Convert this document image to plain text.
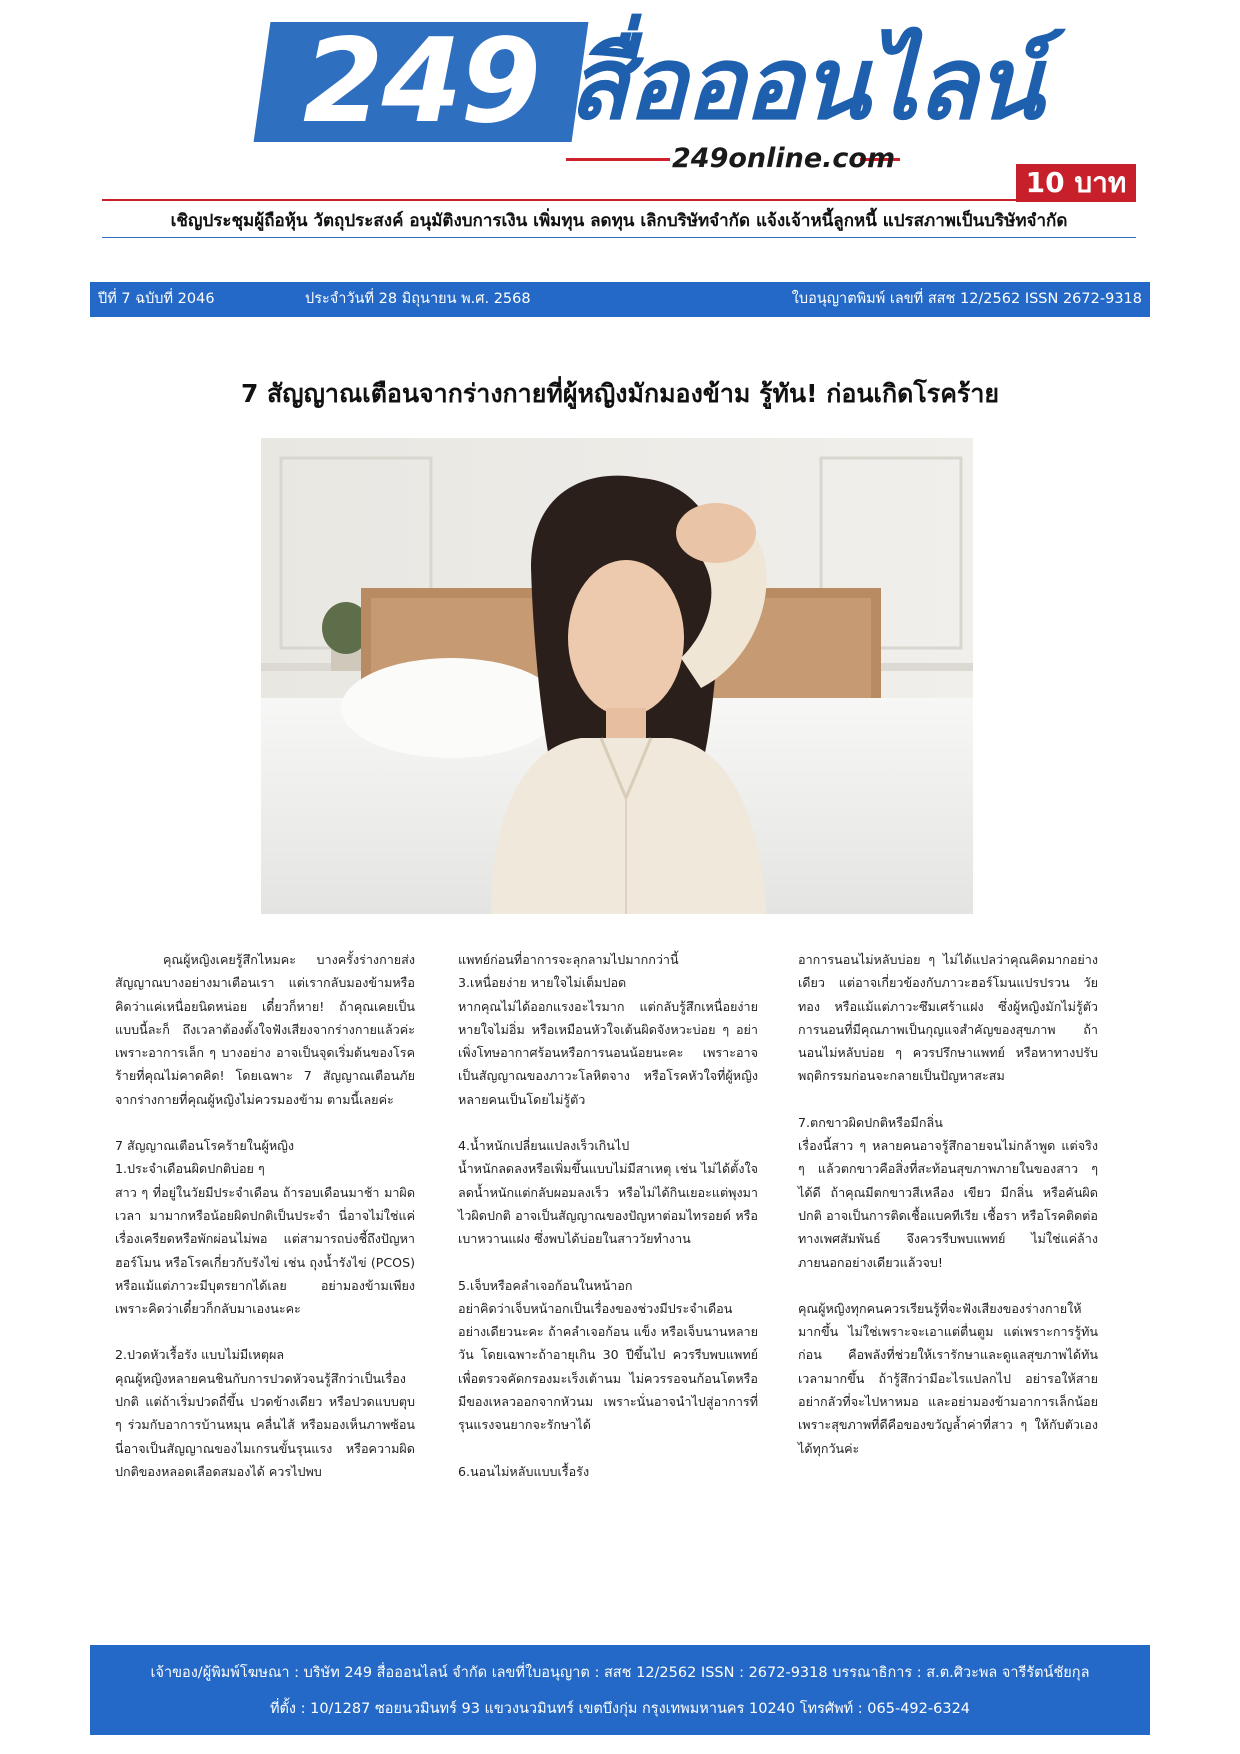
249 สื่อออนไลน์
249online.com
10 บาท
เชิญประชุมผู้ถือหุ้น วัตถุประสงค์ อนุมัติงบการเงิน เพิ่มทุน ลดทุน เลิกบริษัทจำกัด แจ้งเจ้าหนี้ลูกหนี้ แปรสภาพเป็นบริษัทจำกัด
ปีที่ 7 ฉบับที่ 2046	ประจำวันที่ 28 มิถุนายน พ.ศ. 2568	ใบอนุญาตพิมพ์ เลขที่ สสช 12/2562 ISSN 2672-9318
7 สัญญาณเตือนจากร่างกายที่ผู้หญิงมักมองข้าม รู้ทัน! ก่อนเกิดโรคร้าย

คุณผู้หญิงเคยรู้สึกไหมคะ บางครั้งร่างกายส่งสัญญาณบางอย่างมาเตือนเรา แต่เรากลับมองข้ามหรือคิดว่าแค่เหนื่อยนิดหน่อย เดี๋ยวก็หาย! ถ้าคุณเคยเป็นแบบนี้ละก็ ถึงเวลาต้องตั้งใจฟังเสียงจากร่างกายแล้วค่ะ เพราะอาการเล็ก ๆ บางอย่าง อาจเป็นจุดเริ่มต้นของโรคร้ายที่คุณไม่คาดคิด! โดยเฉพาะ 7 สัญญาณเตือนภัยจากร่างกายที่คุณผู้หญิงไม่ควรมองข้าม ตามนี้เลยค่ะ

7 สัญญาณเตือนโรคร้ายในผู้หญิง
1.ประจำเดือนผิดปกติบ่อย ๆ

สาว ๆ ที่อยู่ในวัยมีประจำเดือน ถ้ารอบเดือนมาช้า มาผิดเวลา มามากหรือน้อยผิดปกติเป็นประจำ นี่อาจไม่ใช่แค่เรื่องเครียดหรือพักผ่อนไม่พอ แต่สามารถบ่งชี้ถึงปัญหาฮอร์โมน หรือโรคเกี่ยวกับรังไข่ เช่น ถุงน้ำรังไข่ (PCOS) หรือแม้แต่ภาวะมีบุตรยากได้เลย อย่ามองข้ามเพียงเพราะคิดว่าเดี๋ยวก็กลับมาเองนะคะ

2.ปวดหัวเรื้อรัง แบบไม่มีเหตุผล
คุณผู้หญิงหลายคนชินกับการปวดหัวจนรู้สึกว่าเป็นเรื่องปกติ แต่ถ้าเริ่มปวดถี่ขึ้น ปวดข้างเดียว หรือปวดแบบตุบ ๆ ร่วมกับอาการบ้านหมุน คลื่นไส้ หรือมองเห็นภาพซ้อน นี่อาจเป็นสัญญาณของไมเกรนขั้นรุนแรง หรือความผิดปกติของหลอดเลือดสมองได้ ควรไปพบ
แพทย์ก่อนที่อาการจะลุกลามไปมากกว่านี้
3.เหนื่อยง่าย หายใจไม่เต็มปอด

หากคุณไม่ได้ออกแรงอะไรมาก แต่กลับรู้สึกเหนื่อยง่าย หายใจไม่อิ่ม หรือเหมือนหัวใจเต้นผิดจังหวะบ่อย ๆ อย่าเพิ่งโทษอากาศร้อนหรือการนอนน้อยนะคะ เพราะอาจเป็นสัญญาณของภาวะโลหิตจาง หรือโรคหัวใจที่ผู้หญิงหลายคนเป็นโดยไม่รู้ตัว

4.น้ำหนักเปลี่ยนแปลงเร็วเกินไป

น้ำหนักลดลงหรือเพิ่มขึ้นแบบไม่มีสาเหตุ เช่น ไม่ได้ตั้งใจลดน้ำหนักแต่กลับผอมลงเร็ว หรือไม่ได้กินเยอะแต่พุงมาไวผิดปกติ อาจเป็นสัญญาณของปัญหาต่อมไทรอยด์ หรือเบาหวานแฝง ซึ่งพบได้บ่อยในสาววัยทำงาน

5.เจ็บหรือคลำเจอก้อนในหน้าอก

อย่าคิดว่าเจ็บหน้าอกเป็นเรื่องของช่วงมีประจำเดือนอย่างเดียวนะคะ ถ้าคลำเจอก้อน แข็ง หรือเจ็บนานหลายวัน โดยเฉพาะถ้าอายุเกิน 30 ปีขึ้นไป ควรรีบพบแพทย์เพื่อตรวจคัดกรองมะเร็งเต้านม ไม่ควรรอจนก้อนโตหรือมีของเหลวออกจากหัวนม เพราะนั่นอาจนำไปสู่อาการที่รุนแรงจนยากจะรักษาได้

6.นอนไม่หลับแบบเรื้อรัง

อาการนอนไม่หลับบ่อย ๆ ไม่ได้แปลว่าคุณคิดมากอย่างเดียว แต่อาจเกี่ยวข้องกับภาวะฮอร์โมนแปรปรวน วัยทอง หรือแม้แต่ภาวะซึมเศร้าแฝง ซึ่งผู้หญิงมักไม่รู้ตัว การนอนที่มีคุณภาพเป็นกุญแจสำคัญของสุขภาพ ถ้านอนไม่หลับบ่อย ๆ ควรปรึกษาแพทย์ หรือหาทางปรับพฤติกรรมก่อนจะกลายเป็นปัญหาสะสม

7.ตกขาวผิดปกติหรือมีกลิ่น

เรื่องนี้สาว ๆ หลายคนอาจรู้สึกอายจนไม่กล้าพูด แต่จริง ๆ แล้วตกขาวคือสิ่งที่สะท้อนสุขภาพภายในของสาว ๆ ได้ดี ถ้าคุณมีตกขาวสีเหลือง เขียว มีกลิ่น หรือคันผิดปกติ อาจเป็นการติดเชื้อแบคทีเรีย เชื้อรา หรือโรคติดต่อทางเพศสัมพันธ์ จึงควรรีบพบแพทย์ ไม่ใช่แค่ล้างภายนอกอย่างเดียวแล้วจบ!

คุณผู้หญิงทุกคนควรเรียนรู้ที่จะฟังเสียงของร่างกายให้มากขึ้น ไม่ใช่เพราะจะเอาแต่ตื่นตูม แต่เพราะการรู้ทันก่อน คือพลังที่ช่วยให้เรารักษาและดูแลสุขภาพได้ทันเวลามากขึ้น ถ้ารู้สึกว่ามีอะไรแปลกไป อย่ารอให้สาย อย่ากลัวที่จะไปหาหมอ และอย่ามองข้ามอาการเล็กน้อย เพราะสุขภาพที่ดีคือของขวัญล้ำค่าที่สาว ๆ ให้กับตัวเองได้ทุกวันค่ะ

เจ้าของ/ผู้พิมพ์โฆษณา : บริษัท 249 สื่อออนไลน์ จำกัด เลขที่ใบอนุญาต : สสช 12/2562 ISSN : 2672-9318 บรรณาธิการ : ส.ต.ศิวะพล จารีรัตน์ชัยกุล
ที่ตั้ง : 10/1287 ซอยนวมินทร์ 93 แขวงนวมินทร์ เขตบึงกุ่ม กรุงเทพมหานคร 10240 โทรศัพท์ : 065-492-6324
